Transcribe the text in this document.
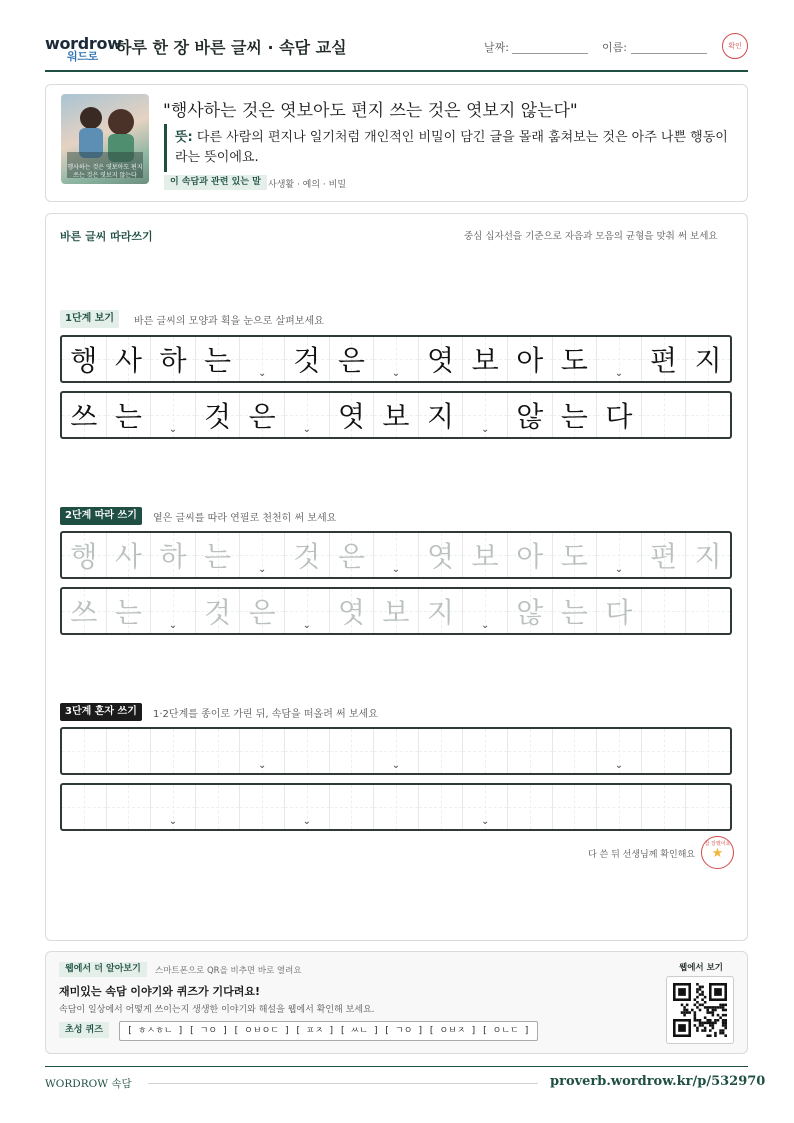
wordrow
워드로 하루 한 장 바른 글씨 · 속담 교실	날짜:	이름:	확인
행사하는 것은 엿보아도 편지 쓰는 것은 엿보지 않는다
"행사하는 것은 엿보아도 편지 쓰는 것은 엿보지 않는다"
뜻: 다른 사람의 편지나 일기처럼 개인적인 비밀이 담긴 글을 몰래 훔쳐보는 것은 아주 나쁜 행동이라는 뜻이에요.
이 속담과 관련 있는 말 사생활 · 예의 · 비밀
바른 글씨 따라쓰기	중심 십자선을 기준으로 자음과 모음의 균형을 맞춰 써 보세요
1단계 보기	바른 글씨의 모양과 획을 눈으로 살펴보세요
행 사 하 는	⌄ 것 은	⌄ 엿 보 아 도	⌄ 편 지
쓰 는	⌄ 것 은	⌄ 엿 보 지	⌄ 않 는 다
2단계 따라 쓰기	옅은 글씨를 따라 연필로 천천히 써 보세요
행 사 하 는	⌄ 것 은	⌄ 엿 보 아 도	⌄ 편 지
쓰 는	⌄ 것 은	⌄ 엿 보 지	⌄ 않 는 다
3단계 혼자 쓰기	1·2단계를 종이로 가린 뒤, 속담을 떠올려 써 보세요
⌄	⌄	⌄
⌄	⌄	⌄
다 쓴 뒤 선생님께 확인해요
참 잘했어요
★
웹에서 더 알아보기	스마트폰으로 QR을 비추면 바로 열려요
재미있는 속담 이야기와 퀴즈가 기다려요!
속담이 일상에서 어떻게 쓰이는지 생생한 이야기와 해설을 웹에서 확인해 보세요.
초성 퀴즈	[ ㅎㅅㅎㄴ ] [ ㄱㅇ ] [ ㅇㅂㅇㄷ ] [ ㅍㅈ ] [ ㅆㄴ ] [ ㄱㅇ ] [ ㅇㅂㅈ ] [ ㅇㄴㄷ ]
웹에서 보기
WORDROW 속담	proverb.wordrow.kr/p/532970
